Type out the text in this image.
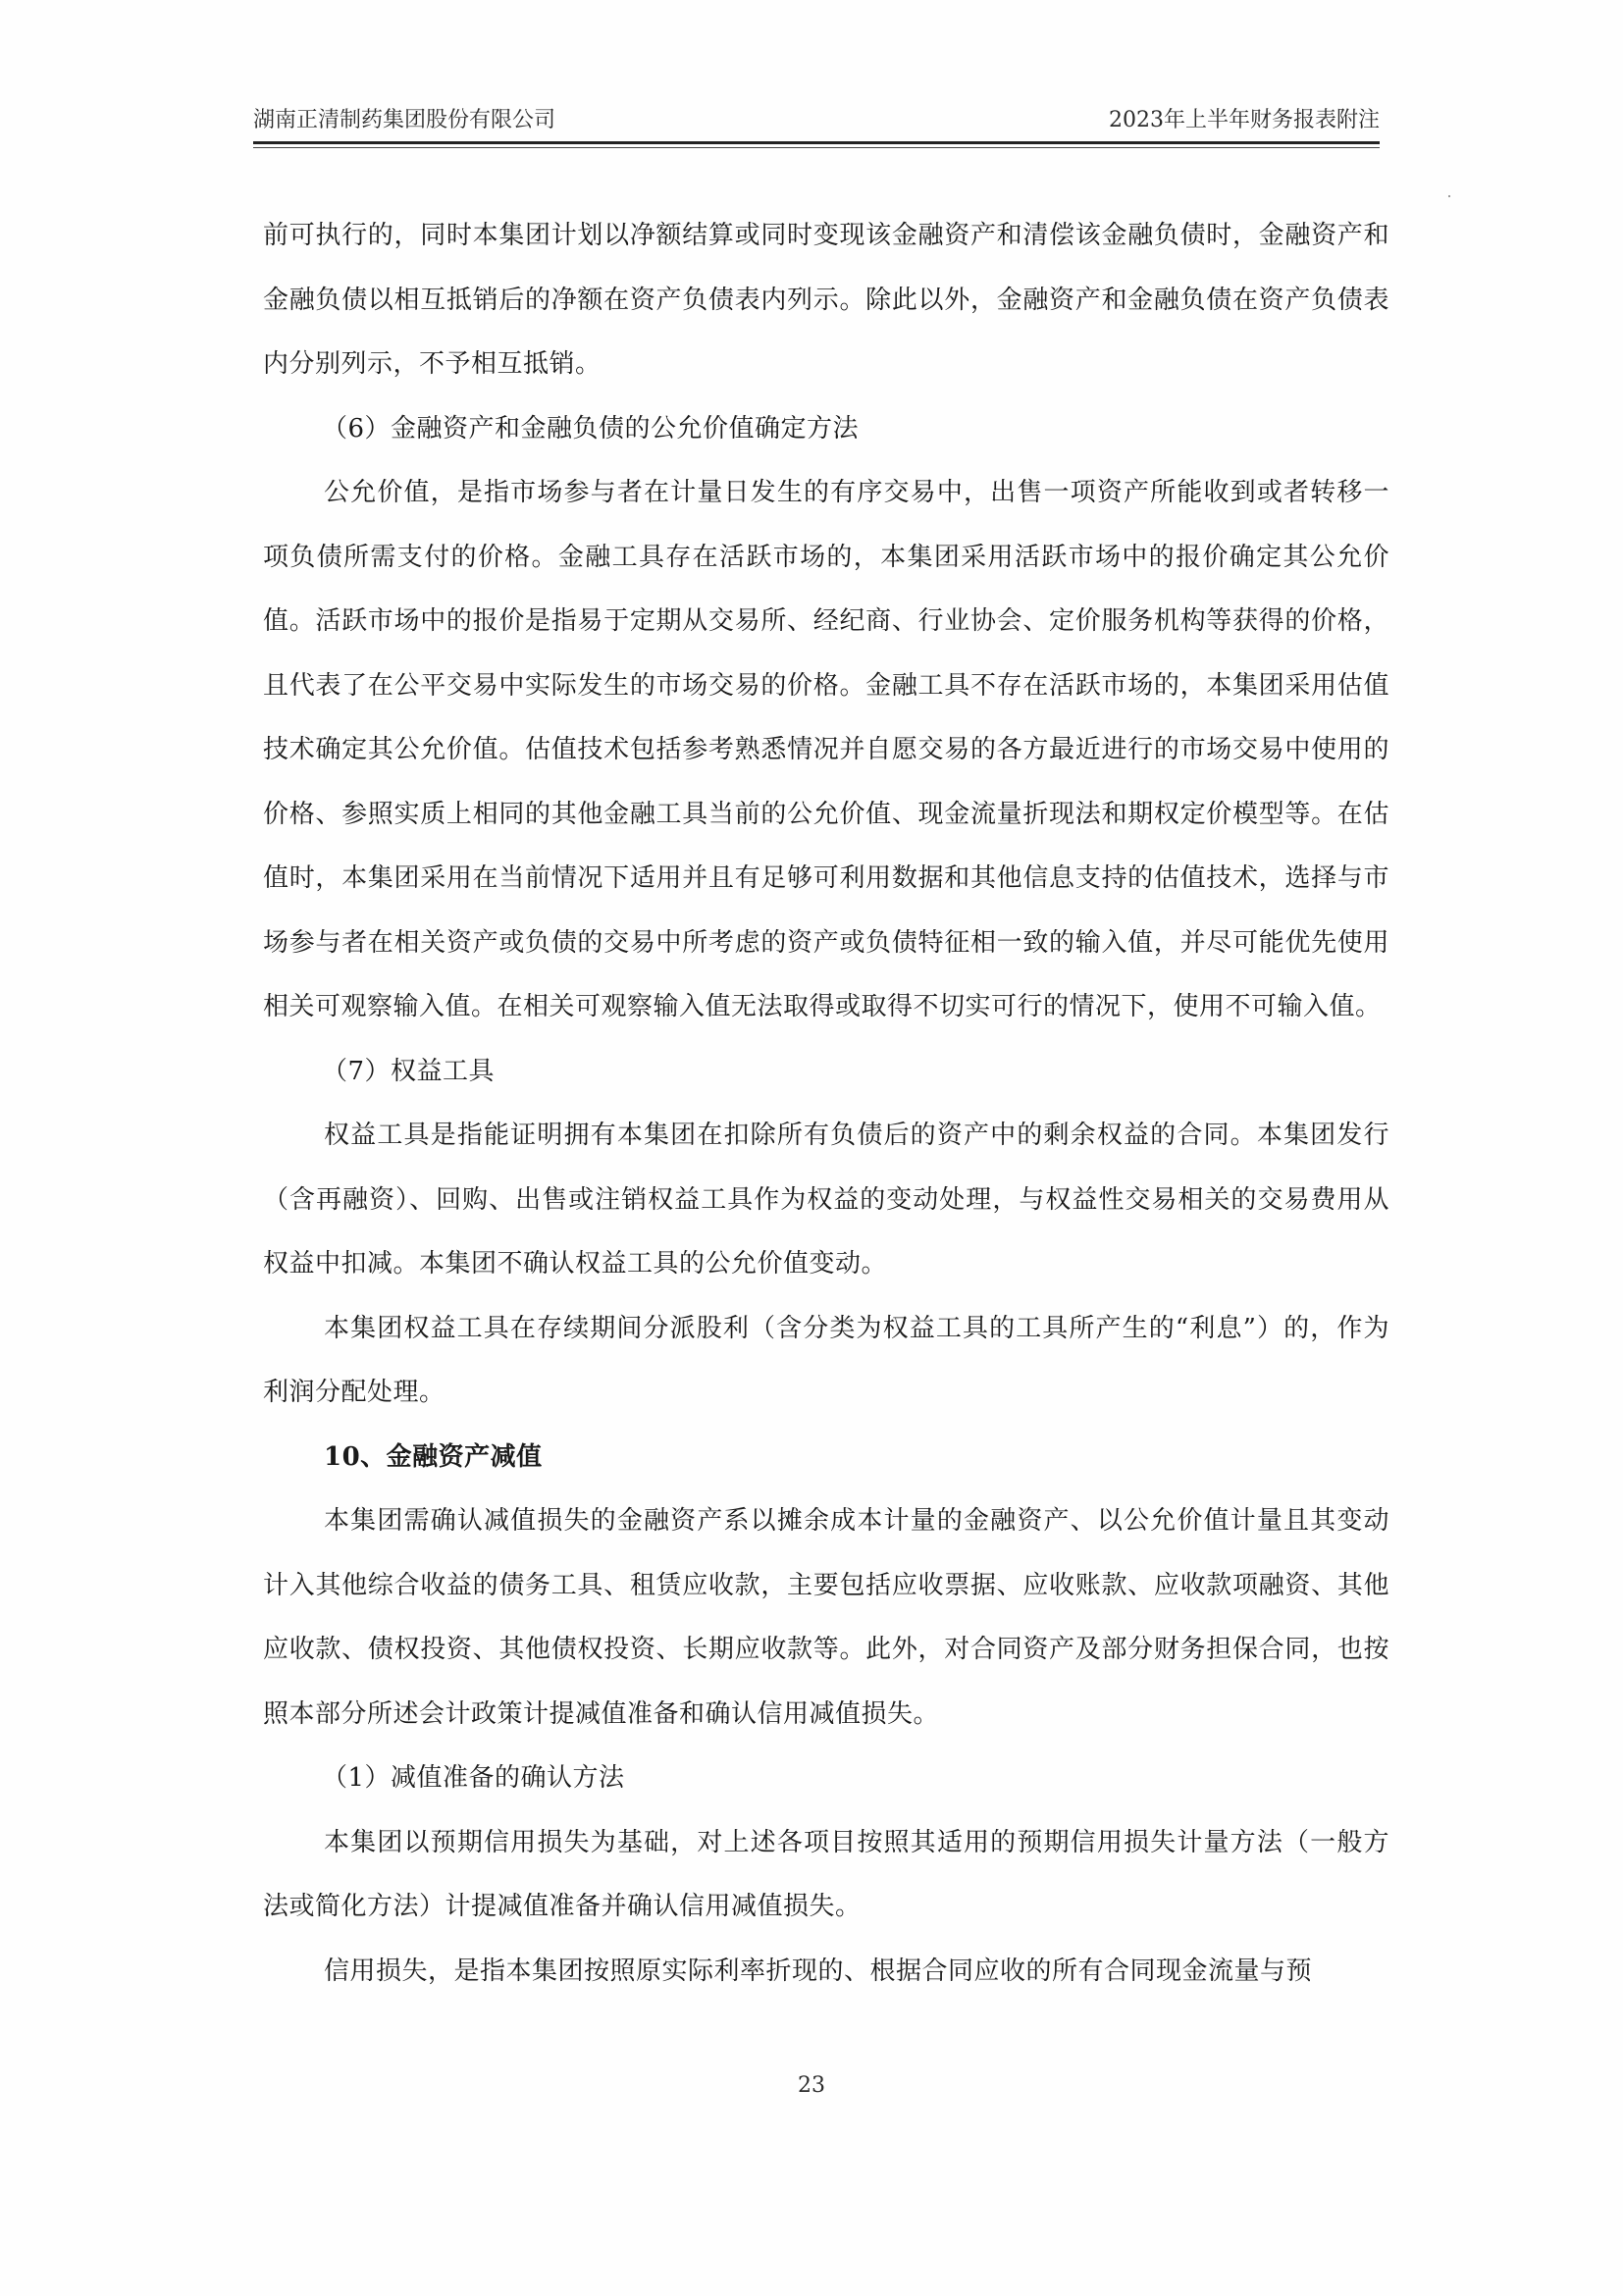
湖南正清制药集团股份有限公司	2023年上半年财务报表附注

前可执行的，同时本集团计划以净额结算或同时变现该金融资产和清偿该金融负债时，金融资产和金融负债以相互抵销后的净额在资产负债表内列示。除此以外，金融资产和金融负债在资产负债表内分别列示，不予相互抵销。

（6）金融资产和金融负债的公允价值确定方法

公允价值，是指市场参与者在计量日发生的有序交易中，出售一项资产所能收到或者转移一项负债所需支付的价格。金融工具存在活跃市场的，本集团采用活跃市场中的报价确定其公允价值。活跃市场中的报价是指易于定期从交易所、经纪商、行业协会、定价服务机构等获得的价格，且代表了在公平交易中实际发生的市场交易的价格。金融工具不存在活跃市场的，本集团采用估值技术确定其公允价值。估值技术包括参考熟悉情况并自愿交易的各方最近进行的市场交易中使用的价格、参照实质上相同的其他金融工具当前的公允价值、现金流量折现法和期权定价模型等。在估值时，本集团采用在当前情况下适用并且有足够可利用数据和其他信息支持的估值技术，选择与市场参与者在相关资产或负债的交易中所考虑的资产或负债特征相一致的输入值，并尽可能优先使用相关可观察输入值。在相关可观察输入值无法取得或取得不切实可行的情况下，使用不可输入值。

（7）权益工具

权益工具是指能证明拥有本集团在扣除所有负债后的资产中的剩余权益的合同。本集团发行（含再融资）、回购、出售或注销权益工具作为权益的变动处理，与权益性交易相关的交易费用从权益中扣减。本集团不确认权益工具的公允价值变动。

本集团权益工具在存续期间分派股利（含分类为权益工具的工具所产生的“利息”）的，作为利润分配处理。

10、金融资产减值

本集团需确认减值损失的金融资产系以摊余成本计量的金融资产、以公允价值计量且其变动计入其他综合收益的债务工具、租赁应收款，主要包括应收票据、应收账款、应收款项融资、其他应收款、债权投资、其他债权投资、长期应收款等。此外，对合同资产及部分财务担保合同，也按照本部分所述会计政策计提减值准备和确认信用减值损失。

（1）减值准备的确认方法

本集团以预期信用损失为基础，对上述各项目按照其适用的预期信用损失计量方法（一般方法或简化方法）计提减值准备并确认信用减值损失。

信用损失，是指本集团按照原实际利率折现的、根据合同应收的所有合同现金流量与预

23
